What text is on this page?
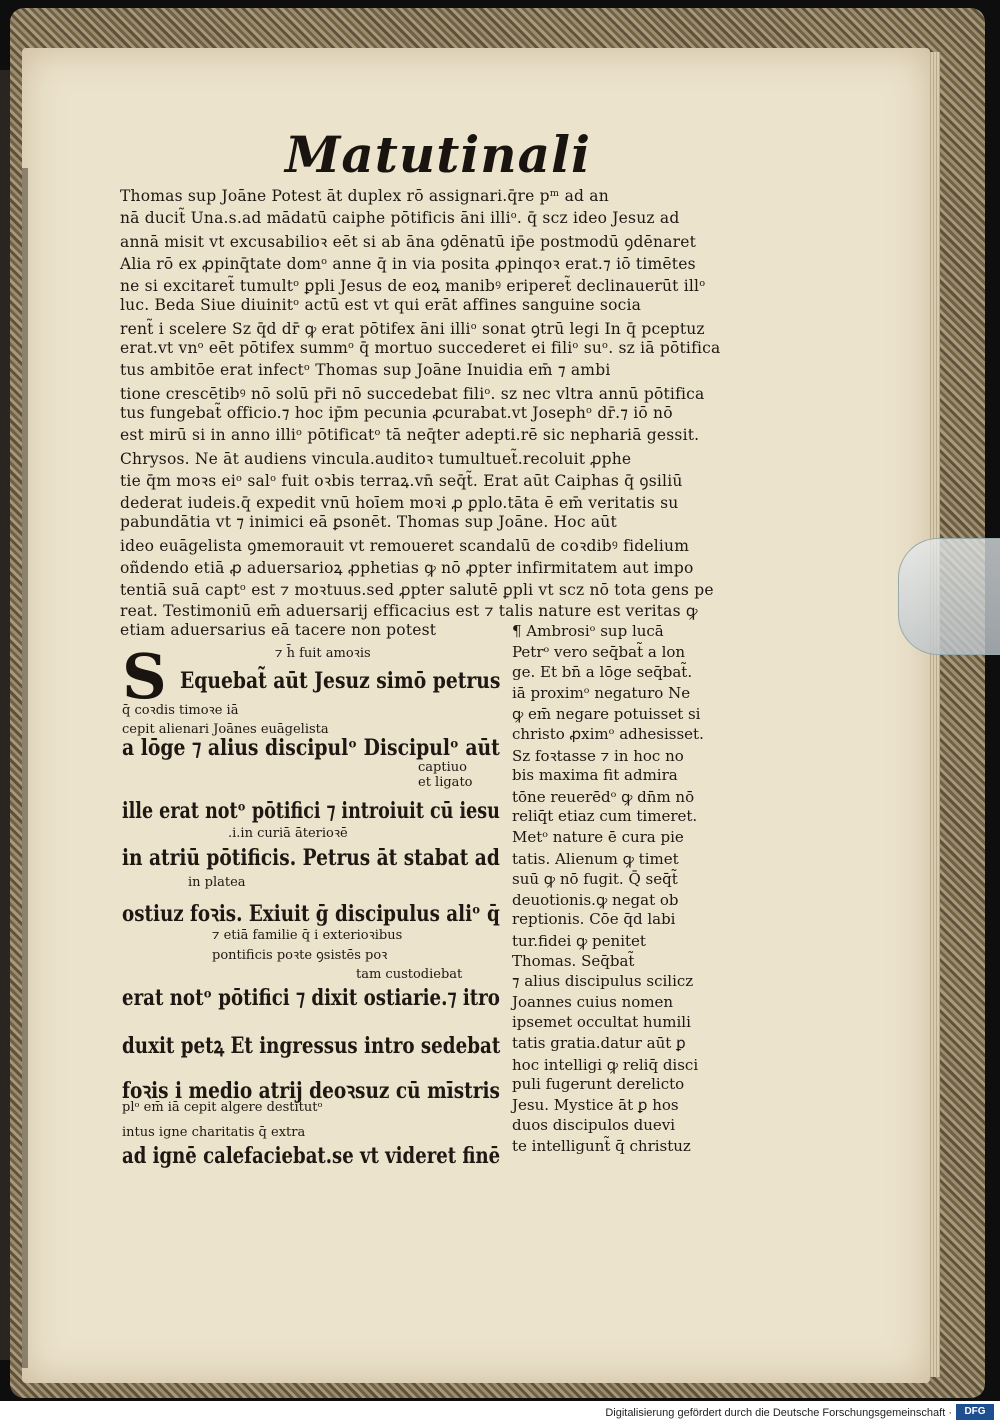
Matutinali
Thomas sup Joāne Potest āt duplex rō assignari.q̄re pᵐ ad an
nā ducit̃ Una.s.ad mādatū caiphe pōtificis āni illiᵒ. q̄ scz ideo Jesuz ad
annā misit vt excusabilioꝛ eēt si ab āna ꝯdēnatū ip̄e postmodū ꝯdēnaret
Alia rō ex ꝓpinq̄tate domᵒ anne q̄ in via posita ꝓpinqoꝛ erat.⁊ iō timētes
ne si excitaret̃ tumultᵒ ꝑpli Jesus de eoꝝ manibꝰ eriperet̃ declinauerūt illᵒ
luc. Beda Siue diuinitᵒ actū est vt qui erāt affines sanguine socia
rent̃ i scelere Sz q̄d dr̄ ꝙ erat pōtifex āni illiᵒ sonat ꝯtrū legi In q̄ pceptuz
erat.vt vnᵒ eēt pōtifex summᵒ q̄ mortuo succederet ei filiᵒ suᵒ. sz iā pōtifica
tus ambitōe erat infectᵒ Thomas sup Joāne Inuidia em̄ ⁊ ambi
tione crescētibꝰ nō solū pr̄i nō succedebat filiᵒ. sz nec vltra annū pōtifica
tus fungebat̃ officio.⁊ hoc ip̄m pecunia ꝓcurabat.vt Josephᵒ dr̄.⁊ iō nō
est mirū si in anno illiᵒ pōtificatᵒ tā neq̄ter adepti.rē sic nephariā gessit.
Chrysos. Ne āt audiens vincula.auditoꝛ tumultuet̃.recoluit ꝓphe
tie q̄m moꝛs eiᵒ salᵒ fuit oꝛbis terraꝝ.vn̄ seq̄t̃. Erat aūt Caiphas q̄ ꝯsiliū
dederat iudeis.q̄ expedit vnū hoīem moꝛi ꝓ ꝑplo.tāta ē em̄ veritatis su
pabundātia vt ⁊ inimici eā ꝑsonēt. Thomas sup Joāne. Hoc aūt
ideo euāgelista ꝯmemorauit vt remoueret scandalū de coꝛdibꝰ fidelium
oñdendo etiā ꝓ aduersarioꝝ ꝓphetias ꝙ nō ꝓpter infirmitatem aut impo
tentiā suā captᵒ est ⁊ moꝛtuus.sed ꝓpter salutē ꝑpli vt scz nō tota gens pe
reat. Testimoniū em̄ aduersarij efficacius est ⁊ talis nature est veritas ꝙ
etiam aduersarius eā tacere non potest
S	⁊ h̄ fuit amoꝛis
Equebat̃ aūt Jesuz simō petrus
q̄ coꝛdis timoꝛe iā
cepit alienari Joānes euāgelista
a lōge ⁊ alius discipulᵒ Discipulᵒ aūt
captiuo
et ligato
ille erat notᵒ pōtifici ⁊ introiuit cū iesu
.i.in curiā āterioꝛē
in atriū pōtificis. Petrus āt stabat ad
in platea
ostiuz foꝛis. Exiuit ḡ discipulus aliᵒ q̄
⁊ etiā familie q̄ i exterioꝛibus
pontificis poꝛte ꝯsistēs poꝛ
tam custodiebat
erat notᵒ pōtifici ⁊ dixit ostiarie.⁊ itro
duxit petꝝ Et ingressus intro sedebat
foꝛis i medio atrij deoꝛsuz cū mīstris
plᵒ em̄ iā cepit algere destitutᵒ
intus igne charitatis q̄ extra
ad ignē calefaciebat.se vt videret finē
¶ Ambrosiᵒ sup lucā
Petrᵒ vero seq̄bat̃ a lon
ge. Et bn̄ a lōge seq̄bat̃.
iā proximᵒ negaturo Ne
ꝙ em̄ negare potuisset si
christo ꝓximᵒ adhesisset.
Sz foꝛtasse ⁊ in hoc no
bis maxima fit admira
tōne reuerēdᵒ ꝙ dn̄m nō
reliq̄t etiaz cum timeret.
Metᵒ nature ē cura pie
tatis. Alienum ꝙ timet
suū ꝙ nō fugit. Q̄ seq̄t̃
deuotionis.ꝙ negat ob
reptionis. Cōe q̄d labi
tur.fidei ꝙ penitet
Thomas. Seq̄bat̃
⁊ alius discipulus scilicz
Joannes cuius nomen
ipsemet occultat humili
tatis gratia.datur aūt ꝑ
hoc intelligi ꝙ reliq̄ disci
puli fugerunt derelicto
Jesu. Mystice āt ꝑ hos
duos discipulos duevi
te intelligunt̃ q̄ christuz
Digitalisierung gefördert durch die Deutsche Forschungsgemeinschaft ·	DFG
